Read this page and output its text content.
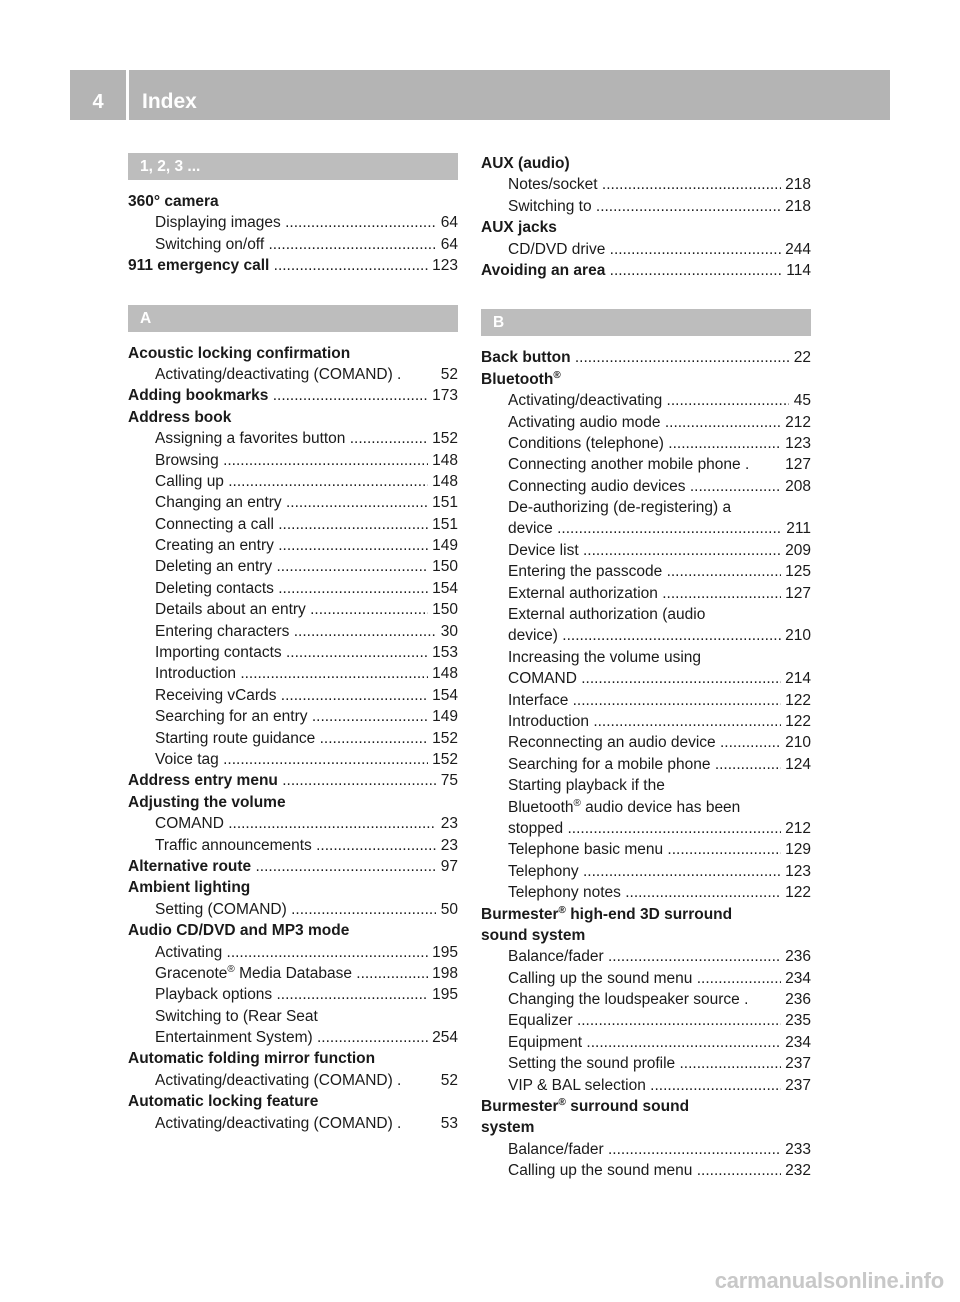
4	Index
1, 2, 3 ...
360° camera
Displaying images .....	64
Switching on/off .....	64
911 emergency call .....	123
A
Acoustic locking confirmation
Activating/deactivating (COMAND) .	52
Adding bookmarks .....	173
Address book
Assigning a favorites button .....	152
Browsing .....	148
Calling up .....	148
Changing an entry .....	151
Connecting a call .....	151
Creating an entry .....	149
Deleting an entry .....	150
Deleting contacts .....	154
Details about an entry .....	150
Entering characters .....	30
Importing contacts .....	153
Introduction .....	148
Receiving vCards .....	154
Searching for an entry .....	149
Starting route guidance .....	152
Voice tag .....	152
Address entry menu .....	75
Adjusting the volume
COMAND .....	23
Traffic announcements .....	23
Alternative route .....	97
Ambient lighting
Setting (COMAND) .....	50
Audio CD/DVD and MP3 mode
Activating .....	195
Gracenote® Media Database .....	198
Playback options .....	195
Switching to (Rear Seat
Entertainment System) .....	254
Automatic folding mirror function
Activating/deactivating (COMAND) .	52
Automatic locking feature
Activating/deactivating (COMAND) .	53
AUX (audio)
Notes/socket .....	218
Switching to .....	218
AUX jacks
CD/DVD drive .....	244
Avoiding an area .....	114
B
Back button .....	22
Bluetooth®
Activating/deactivating .....	45
Activating audio mode .....	212
Conditions (telephone) .....	123
Connecting another mobile phone . 127
Connecting audio devices .....	208
De-authorizing (de-registering) a
device .....	211
Device list .....	209
Entering the passcode .....	125
External authorization .....	127
External authorization (audio
device) .....	210
Increasing the volume using
COMAND .....	214
Interface .....	122
Introduction .....	122
Reconnecting an audio device .....	210
Searching for a mobile phone .....	124
Starting playback if the
Bluetooth® audio device has been
stopped .....	212
Telephone basic menu .....	129
Telephony .....	123
Telephony notes .....	122
Burmester® high-end 3D surround
sound system
Balance/fader .....	236
Calling up the sound menu .....	234
Changing the loudspeaker source . 236
Equalizer .....	235
Equipment .....	234
Setting the sound profile .....	237
VIP & BAL selection .....	237
Burmester® surround sound
system
Balance/fader .....	233
Calling up the sound menu .....	232
carmanualsonline.info
